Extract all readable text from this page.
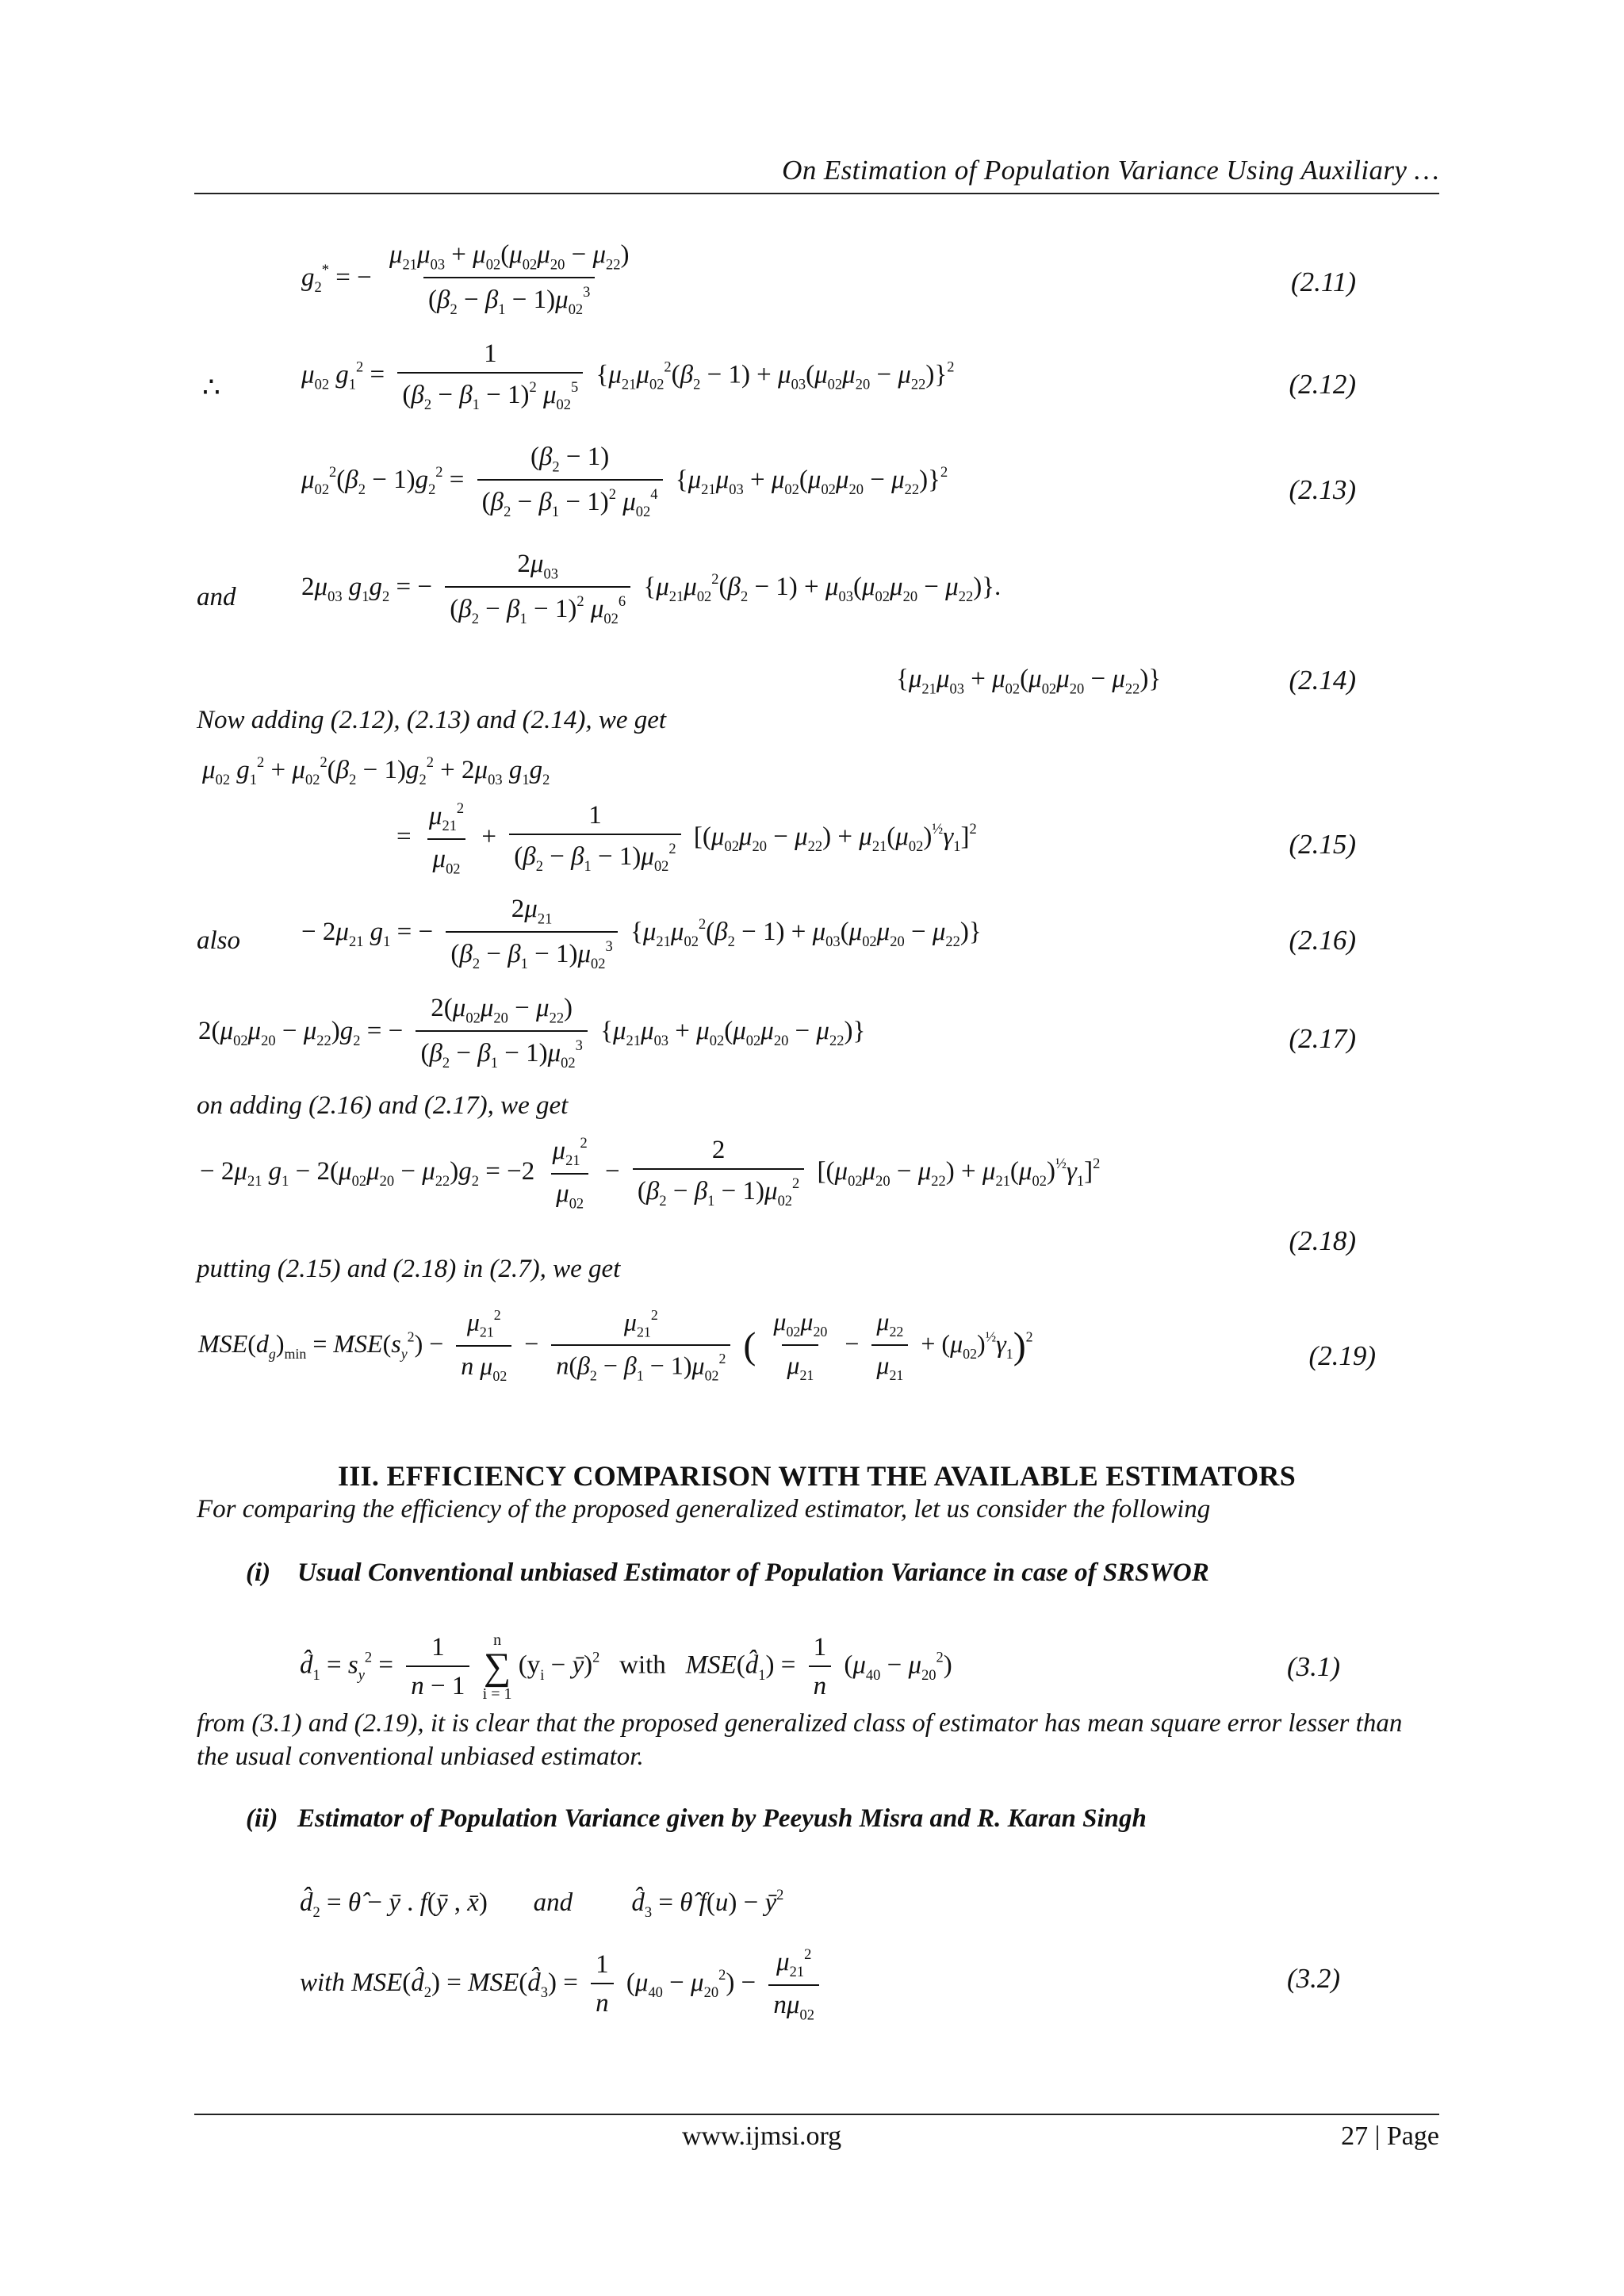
On Estimation of Population Variance Using Auxiliary …
$g_2^*$ = − $\frac{\mu_{21}\mu_{03} + \mu_{02}(\mu_{02}\mu_{20} - \mu_{22})}{(\beta_2 - \beta_1 - 1)\mu_{02}^3}$	(2.11)
∴	$\mu_{02}$ $g_1^2 = \frac{1}{(\beta_2 - \beta_1 - 1)^2 \mu_{02}^5} \{\mu_{21}\mu_{02}^2(\beta_2 - 1) + \mu_{03}(\mu_{02}\mu_{20} - \mu_{22})\}^2$
(2.12)
$\mu_{02}^2(\beta_2 - 1)g_2^2 = \frac{(\beta_2 - 1)}{(\beta_2 - \beta_1 - 1)^2 \mu_{02}^4} \{\mu_{21}\mu_{03} + \mu_{02}(\mu_{02}\mu_{20} - \mu_{22})\}^2$
(2.13)
and	$2\mu_{03}$ $g_1g_2$ = − $\frac{2\mu_{03}}{(\beta_2 - \beta_1 - 1)^2 \mu_{02}^6} \{\mu_{21}\mu_{02}^2(\beta_2 - 1) + \mu_{03}(\mu_{02}\mu_{20} - \mu_{22})\}$.
$\{\mu_{21}\mu_{03} + \mu_{02}(\mu_{02}\mu_{20} - \mu_{22})\}$	(2.14)
Now adding (2.12), (2.13) and (2.14), we get
$\mu_{02}$ $g_1^2 + \mu_{02}^2(\beta_2 - 1)g_2^2 + 2\mu_{03}$ $g_1g_2$
= $\frac{\mu_{21}^2}{\mu_{02}} + \frac{1}{(\beta_2 - \beta_1 - 1)\mu_{02}^2} [(\mu_{02}\mu_{20} - \mu_{22}) + \mu_{21}(\mu_{02})^{\frac{1}{2}}\gamma_1]^2$
(2.15)
also − $2\mu_{21}$ $g_1$ = − $\frac{2\mu_{21}}{(\beta_2 - \beta_1 - 1)\mu_{02}^3} \{\mu_{21}\mu_{02}^2(\beta_2 - 1) + \mu_{03}(\mu_{02}\mu_{20} - \mu_{22})\}$	(2.16)
$2(\mu_{02}\mu_{20} - \mu_{22})g_2$ = − $\frac{2(\mu_{02}\mu_{20} - \mu_{22})}{(\beta_2 - \beta_1 - 1)\mu_{02}^3} \{\mu_{21}\mu_{03} + \mu_{02}(\mu_{02}\mu_{20} - \mu_{22})\}$	(2.17)
on adding (2.16) and (2.17), we get
− $2\mu_{21}$ $g_1 - 2(\mu_{02}\mu_{20} - \mu_{22})g_2 = -2 \frac{\mu_{21}^2}{\mu_{02}} - \frac{2}{(\beta_2 - \beta_1 - 1)\mu_{02}^2} [(\mu_{02}\mu_{20} - \mu_{22}) + \mu_{21}(\mu_{02})^{\frac{1}{2}}\gamma_1]^2$
(2.18)
putting (2.15) and (2.18) in (2.7), we get
$MSE(d_g)_{min} = MSE(s_y^2) - \frac{\mu_{21}^2}{n \mu_{02}} - \frac{\mu_{21}^2}{n(\beta_2 - \beta_1 - 1)\mu_{02}^2}$ ( $\frac{\mu_{02}\mu_{20}}{\mu_{21}} - \frac{\mu_{22}}{\mu_{21}} + (\mu_{02})^{\frac{1}{2}}\gamma_1)^2$
(2.19)
III. EFFICIENCY COMPARISON WITH THE AVAILABLE ESTIMATORS
For comparing the efficiency of the proposed generalized estimator, let us consider the following
(i) Usual Conventional unbiased Estimator of Population Variance in case of SRSWOR
$d̂_1 = s_y^2 = \frac{1}{n - 1}$
n
∑
i = 1
($y_i$ − ȳ)$^2$ with $MSE(d̂_1) = \frac{1}{n} (\mu_{40} - \mu_{20}^2)$	(3.1)
from (3.1) and (2.19), it is clear that the proposed generalized class of estimator has mean square error lesser than the usual conventional unbiased estimator.
(ii) Estimator of Population Variance given by Peeyush Misra and R. Karan Singh
$d̂_2$ = θ̂ − ȳ . f(ȳ , x̄)       and $d̂_3$ = θ̂ $f(u) - ȳ^2$
with $MSE(d̂_2)$ = $MSE(d̂_3) = \frac{1}{n} (\mu_{40} - \mu_{20}^2) - \frac{\mu_{21}^2}{n\mu_{02}}$	(3.2)
www.ijmsi.org	27 | Page
